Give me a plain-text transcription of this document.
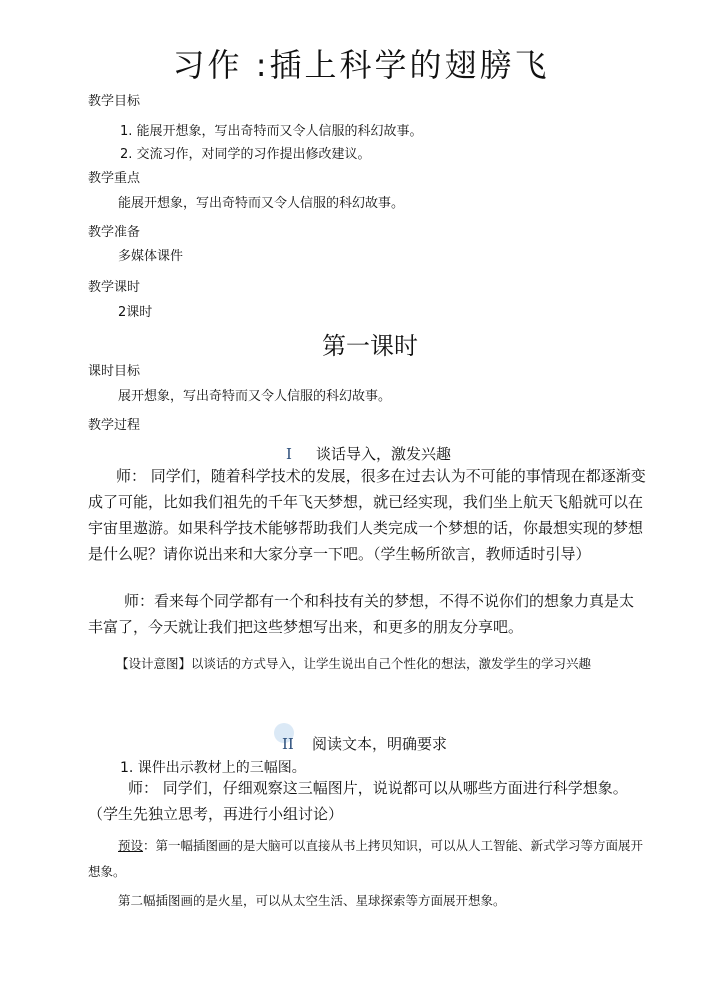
习作 :插上科学的翅膀飞
教学目标
1. 能展开想象，写出奇特而又令人信服的科幻故事。
2. 交流习作，对同学的习作提出修改建议。
教学重点
能展开想象，写出奇特而又令人信服的科幻故事。
教学准备
多媒体课件
教学课时
2课时
第一课时
课时目标
展开想象，写出奇特而又令人信服的科幻故事。
教学过程
I 谈话导入，激发兴趣
师： 同学们，随着科学技术的发展，很多在过去认为不可能的事情现在都逐渐变成了可能，比如我们祖先的千年飞天梦想，就已经实现，我们坐上航天飞船就可以在宇宙里遨游。如果科学技术能够帮助我们人类完成一个梦想的话，你最想实现的梦想是什么呢？请你说出来和大家分享一下吧。（学生畅所欲言，教师适时引导）
师：看来每个同学都有一个和科技有关的梦想，不得不说你们的想象力真是太丰富了，今天就让我们把这些梦想写出来，和更多的朋友分享吧。
【设计意图】以谈话的方式导入，让学生说出自己个性化的想法，激发学生的学习兴趣
II 阅读文本，明确要求
1. 课件出示教材上的三幅图。
师： 同学们，仔细观察这三幅图片，说说都可以从哪些方面进行科学想象。（学生先独立思考，再进行小组讨论）
预设：第一幅插图画的是大脑可以直接从书上拷贝知识，可以从人工智能、新式学习等方面展开想象。
第二幅插图画的是火星，可以从太空生活、星球探索等方面展开想象。
